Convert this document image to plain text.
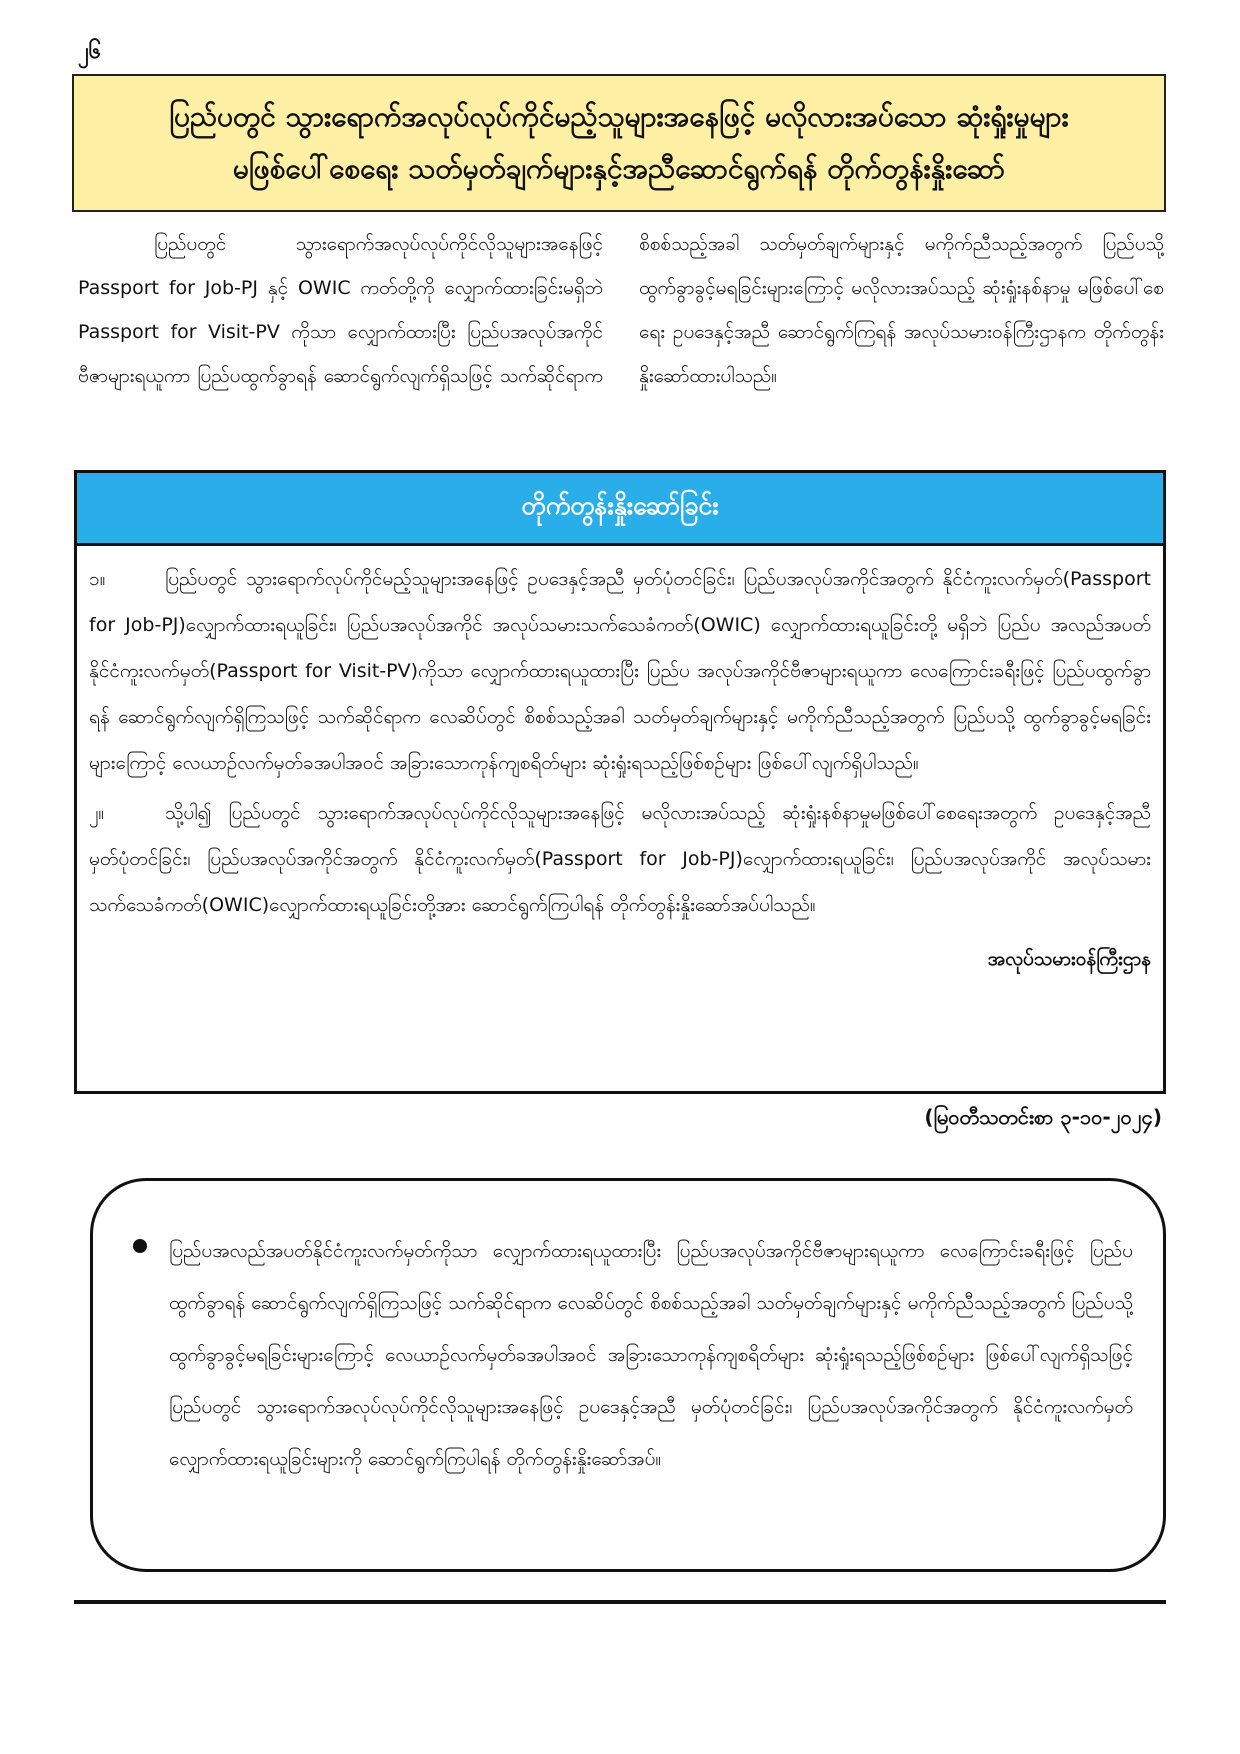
၂၆
ပြည်ပတွင် သွားရောက်အလုပ်လုပ်ကိုင်မည့်သူများအနေဖြင့် မလိုလားအပ်သော ဆုံးရှုံးမှုများ
မဖြစ်ပေါ်စေရေး သတ်မှတ်ချက်များနှင့်အညီဆောင်ရွက်ရန် တိုက်တွန်းနှိုးဆော်

ပြည်ပတွင် သွားရောက်အလုပ်လုပ်ကိုင်လိုသူများအနေဖြင့် Passport for Job-PJ နှင့် OWIC ကတ်တို့ကို လျှောက်ထားခြင်းမရှိဘဲ Passport for Visit-PV ကိုသာ လျှောက်ထားပြီး ပြည်ပအလုပ်အကိုင်ဗီဇာများရယူကာ ပြည်ပထွက်ခွာရန် ဆောင်ရွက်လျက်ရှိသဖြင့် သက်ဆိုင်ရာက စိစစ်သည့်အခါ သတ်မှတ်ချက်များနှင့် မကိုက်ညီသည့်အတွက် ပြည်ပသို့ ထွက်ခွာခွင့်မရခြင်းများကြောင့် မလိုလားအပ်သည့် ဆုံးရှုံးနစ်နာမှု မဖြစ်ပေါ်စေရေး ဥပဒေနှင့်အညီ ဆောင်ရွက်ကြရန် အလုပ်သမားဝန်ကြီးဌာနက တိုက်တွန်းနှိုးဆော်ထားပါသည်။

တိုက်တွန်းနှိုးဆော်ခြင်း

၁။	ပြည်ပတွင် သွားရောက်လုပ်ကိုင်မည့်သူများအနေဖြင့် ဥပဒေနှင့်အညီ မှတ်ပုံတင်ခြင်း၊ ပြည်ပအလုပ်အကိုင်အတွက် နိုင်ငံကူးလက်မှတ်(Passport for Job-PJ)လျှောက်ထားရယူခြင်း၊ ပြည်ပအလုပ်အကိုင် အလုပ်သမားသက်သေခံကတ်(OWIC) လျှောက်ထားရယူခြင်းတို့ မရှိဘဲ ပြည်ပ အလည်အပတ်နိုင်ငံကူးလက်မှတ်(Passport for Visit-PV)ကိုသာ လျှောက်ထားရယူထားပြီး ပြည်ပ အလုပ်အကိုင်ဗီဇာများရယူကာ လေကြောင်းခရီးဖြင့် ပြည်ပထွက်ခွာရန် ဆောင်ရွက်လျက်ရှိကြသဖြင့် သက်ဆိုင်ရာက လေဆိပ်တွင် စိစစ်သည့်အခါ သတ်မှတ်ချက်များနှင့် မကိုက်ညီသည့်အတွက် ပြည်ပသို့ ထွက်ခွာခွင့်မရခြင်းများကြောင့် လေယာဉ်လက်မှတ်ခအပါအဝင် အခြားသောကုန်ကျစရိတ်များ ဆုံးရှုံးရသည့်ဖြစ်စဉ်များ ဖြစ်ပေါ်လျက်ရှိပါသည်။

၂။	သို့ပါ၍ ပြည်ပတွင် သွားရောက်အလုပ်လုပ်ကိုင်လိုသူများအနေဖြင့် မလိုလားအပ်သည့် ဆုံးရှုံးနစ်နာမှုမဖြစ်ပေါ်စေရေးအတွက် ဥပဒေနှင့်အညီ မှတ်ပုံတင်ခြင်း၊ ပြည်ပအလုပ်အကိုင်အတွက် နိုင်ငံကူးလက်မှတ်(Passport for Job-PJ)လျှောက်ထားရယူခြင်း၊ ပြည်ပအလုပ်အကိုင် အလုပ်သမားသက်သေခံကတ်(OWIC)လျှောက်ထားရယူခြင်းတို့အား ဆောင်ရွက်ကြပါရန် တိုက်တွန်းနှိုးဆော်အပ်ပါသည်။

အလုပ်သမားဝန်ကြီးဌာန
(မြဝတီသတင်းစာ ၃-၁၀-၂၀၂၄)

ပြည်ပအလည်အပတ်နိုင်ငံကူးလက်မှတ်ကိုသာ လျှောက်ထားရယူထားပြီး ပြည်ပအလုပ်အကိုင်ဗီဇာများရယူကာ လေကြောင်းခရီးဖြင့် ပြည်ပထွက်ခွာရန် ဆောင်ရွက်လျက်ရှိကြသဖြင့် သက်ဆိုင်ရာက လေဆိပ်တွင် စိစစ်သည့်အခါ သတ်မှတ်ချက်များနှင့် မကိုက်ညီသည့်အတွက် ပြည်ပသို့ ထွက်ခွာခွင့်မရခြင်းများကြောင့် လေယာဉ်လက်မှတ်ခအပါအဝင် အခြားသောကုန်ကျစရိတ်များ ဆုံးရှုံးရသည့်ဖြစ်စဉ်များ ဖြစ်ပေါ်လျက်ရှိသဖြင့် ပြည်ပတွင် သွားရောက်အလုပ်လုပ်ကိုင်လိုသူများအနေဖြင့် ဥပဒေနှင့်အညီ မှတ်ပုံတင်ခြင်း၊ ပြည်ပအလုပ်အကိုင်အတွက် နိုင်ငံကူးလက်မှတ်လျှောက်ထားရယူခြင်းများကို ဆောင်ရွက်ကြပါရန် တိုက်တွန်းနှိုးဆော်အပ်။
